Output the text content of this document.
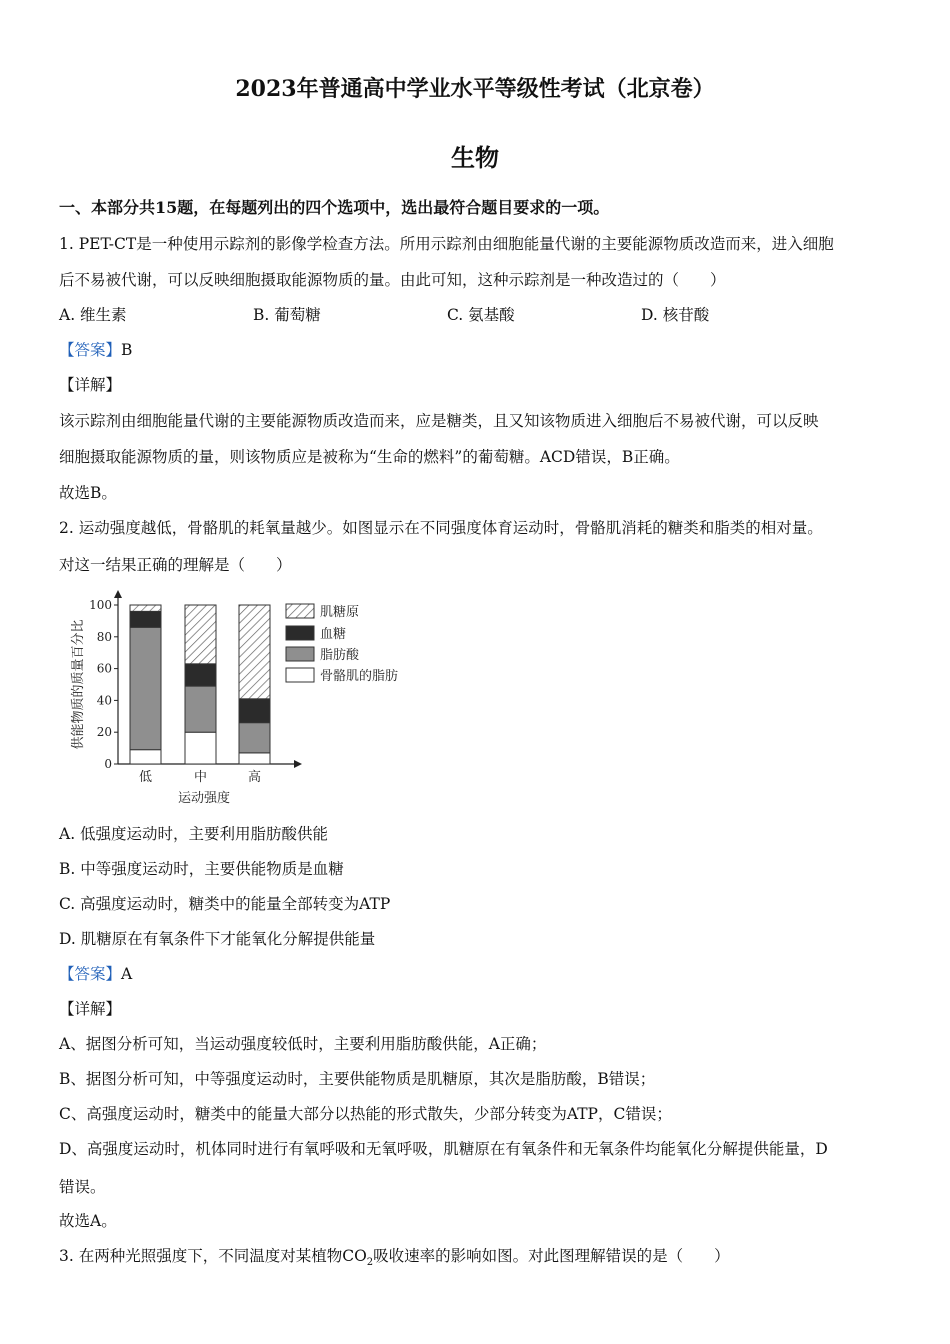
2023年普通高中学业水平等级性考试（北京卷）
生物
一、本部分共15题，在每题列出的四个选项中，选出最符合题目要求的一项。
1. PET-CT是一种使用示踪剂的影像学检查方法。所用示踪剂由细胞能量代谢的主要能源物质改造而来，进入细胞
后不易被代谢，可以反映细胞摄取能源物质的量。由此可知，这种示踪剂是一种改造过的（　　）
A. 维生素	B. 葡萄糖	C. 氨基酸	D. 核苷酸
【答案】B
【详解】
该示踪剂由细胞能量代谢的主要能源物质改造而来，应是糖类，且又知该物质进入细胞后不易被代谢，可以反映
细胞摄取能源物质的量，则该物质应是被称为“生命的燃料”的葡萄糖。ACD错误，B正确。
故选B。
2. 运动强度越低，骨骼肌的耗氧量越少。如图显示在不同强度体育运动时，骨骼肌消耗的糖类和脂类的相对量。
对这一结果正确的理解是（　　）
0
20
40
60
80
100
低	中	高
运动强度
供能物质的质量百分比
肌糖原
血糖
脂肪酸
骨骼肌的脂肪
A. 低强度运动时，主要利用脂肪酸供能
B. 中等强度运动时，主要供能物质是血糖
C. 高强度运动时，糖类中的能量全部转变为ATP
D. 肌糖原在有氧条件下才能氧化分解提供能量
【答案】A
【详解】
A、据图分析可知，当运动强度较低时，主要利用脂肪酸供能，A正确；
B、据图分析可知，中等强度运动时，主要供能物质是肌糖原，其次是脂肪酸，B错误；
C、高强度运动时，糖类中的能量大部分以热能的形式散失，少部分转变为ATP，C错误；
D、高强度运动时，机体同时进行有氧呼吸和无氧呼吸，肌糖原在有氧条件和无氧条件均能氧化分解提供能量，D
错误。
故选A。
3. 在两种光照强度下，不同温度对某植物$CO_2$吸收速率的影响如图。对此图理解错误的是（　　）
